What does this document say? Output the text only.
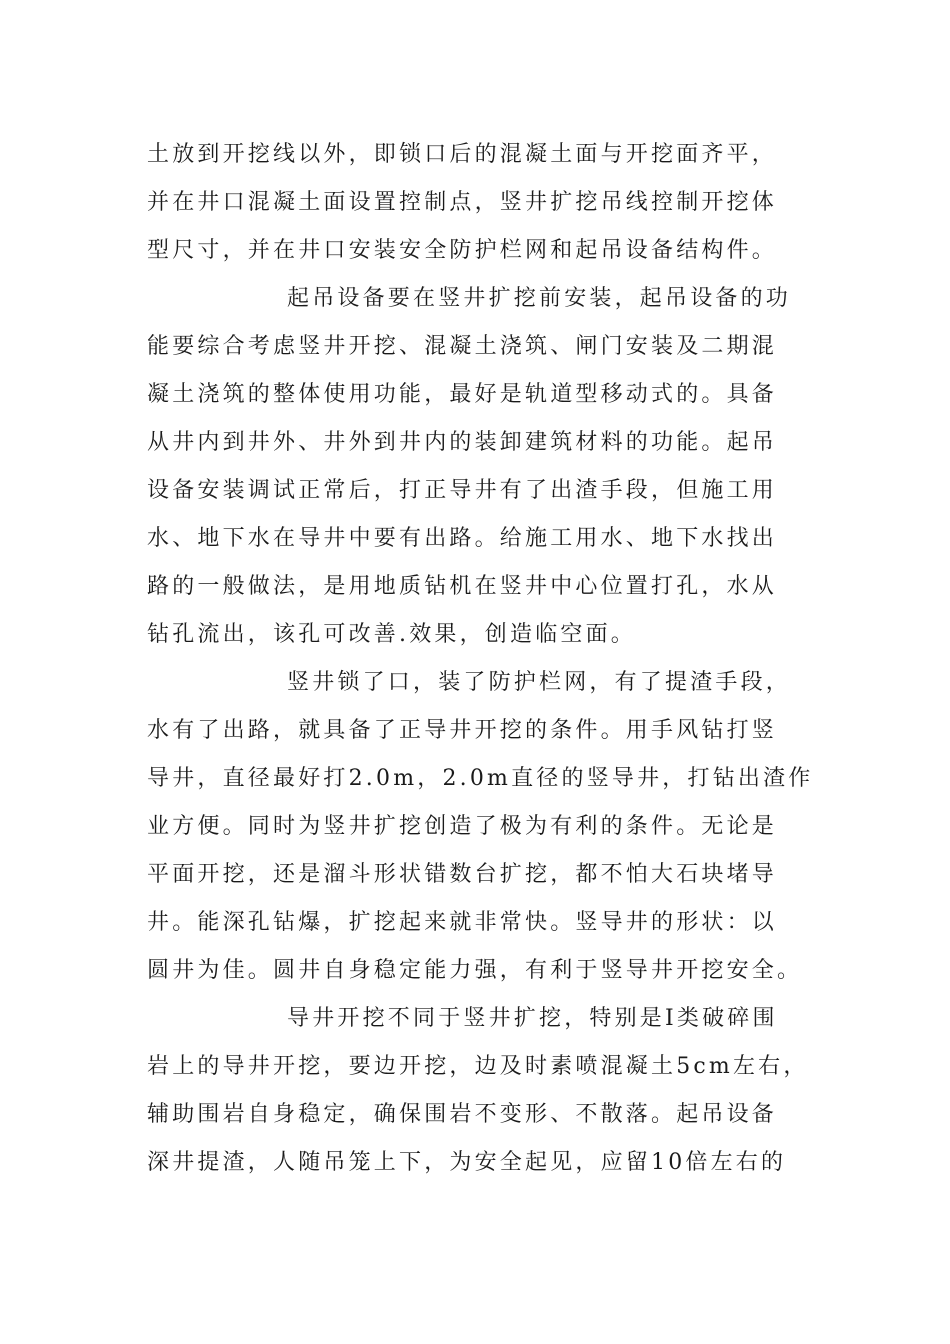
土放到开挖线以外，即锁口后的混凝土面与开挖面齐平，
并在井口混凝土面设置控制点，竖井扩挖吊线控制开挖体
型尺寸，并在井口安装安全防护栏网和起吊设备结构件。
起吊设备要在竖井扩挖前安装，起吊设备的功
能要综合考虑竖井开挖、混凝土浇筑、闸门安装及二期混
凝土浇筑的整体使用功能，最好是轨道型移动式的。具备
从井内到井外、井外到井内的装卸建筑材料的功能。起吊
设备安装调试正常后，打正导井有了出渣手段，但施工用
水、地下水在导井中要有出路。给施工用水、地下水找出
路的一般做法，是用地质钻机在竖井中心位置打孔，水从
钻孔流出，该孔可改善.效果，创造临空面。
竖井锁了口，装了防护栏网，有了提渣手段，
水有了出路，就具备了正导井开挖的条件。用手风钻打竖
导井，直径最好打2.0m，2.0m直径的竖导井，打钻出渣作
业方便。同时为竖井扩挖创造了极为有利的条件。无论是
平面开挖，还是溜斗形状错数台扩挖，都不怕大石块堵导
井。能深孔钻爆，扩挖起来就非常快。竖导井的形状：以
圆井为佳。圆井自身稳定能力强，有利于竖导井开挖安全。
导井开挖不同于竖井扩挖，特别是Ⅰ类破碎围
岩上的导井开挖，要边开挖，边及时素喷混凝土5cm左右，
辅助围岩自身稳定，确保围岩不变形、不散落。起吊设备
深井提渣，人随吊笼上下，为安全起见，应留10倍左右的
